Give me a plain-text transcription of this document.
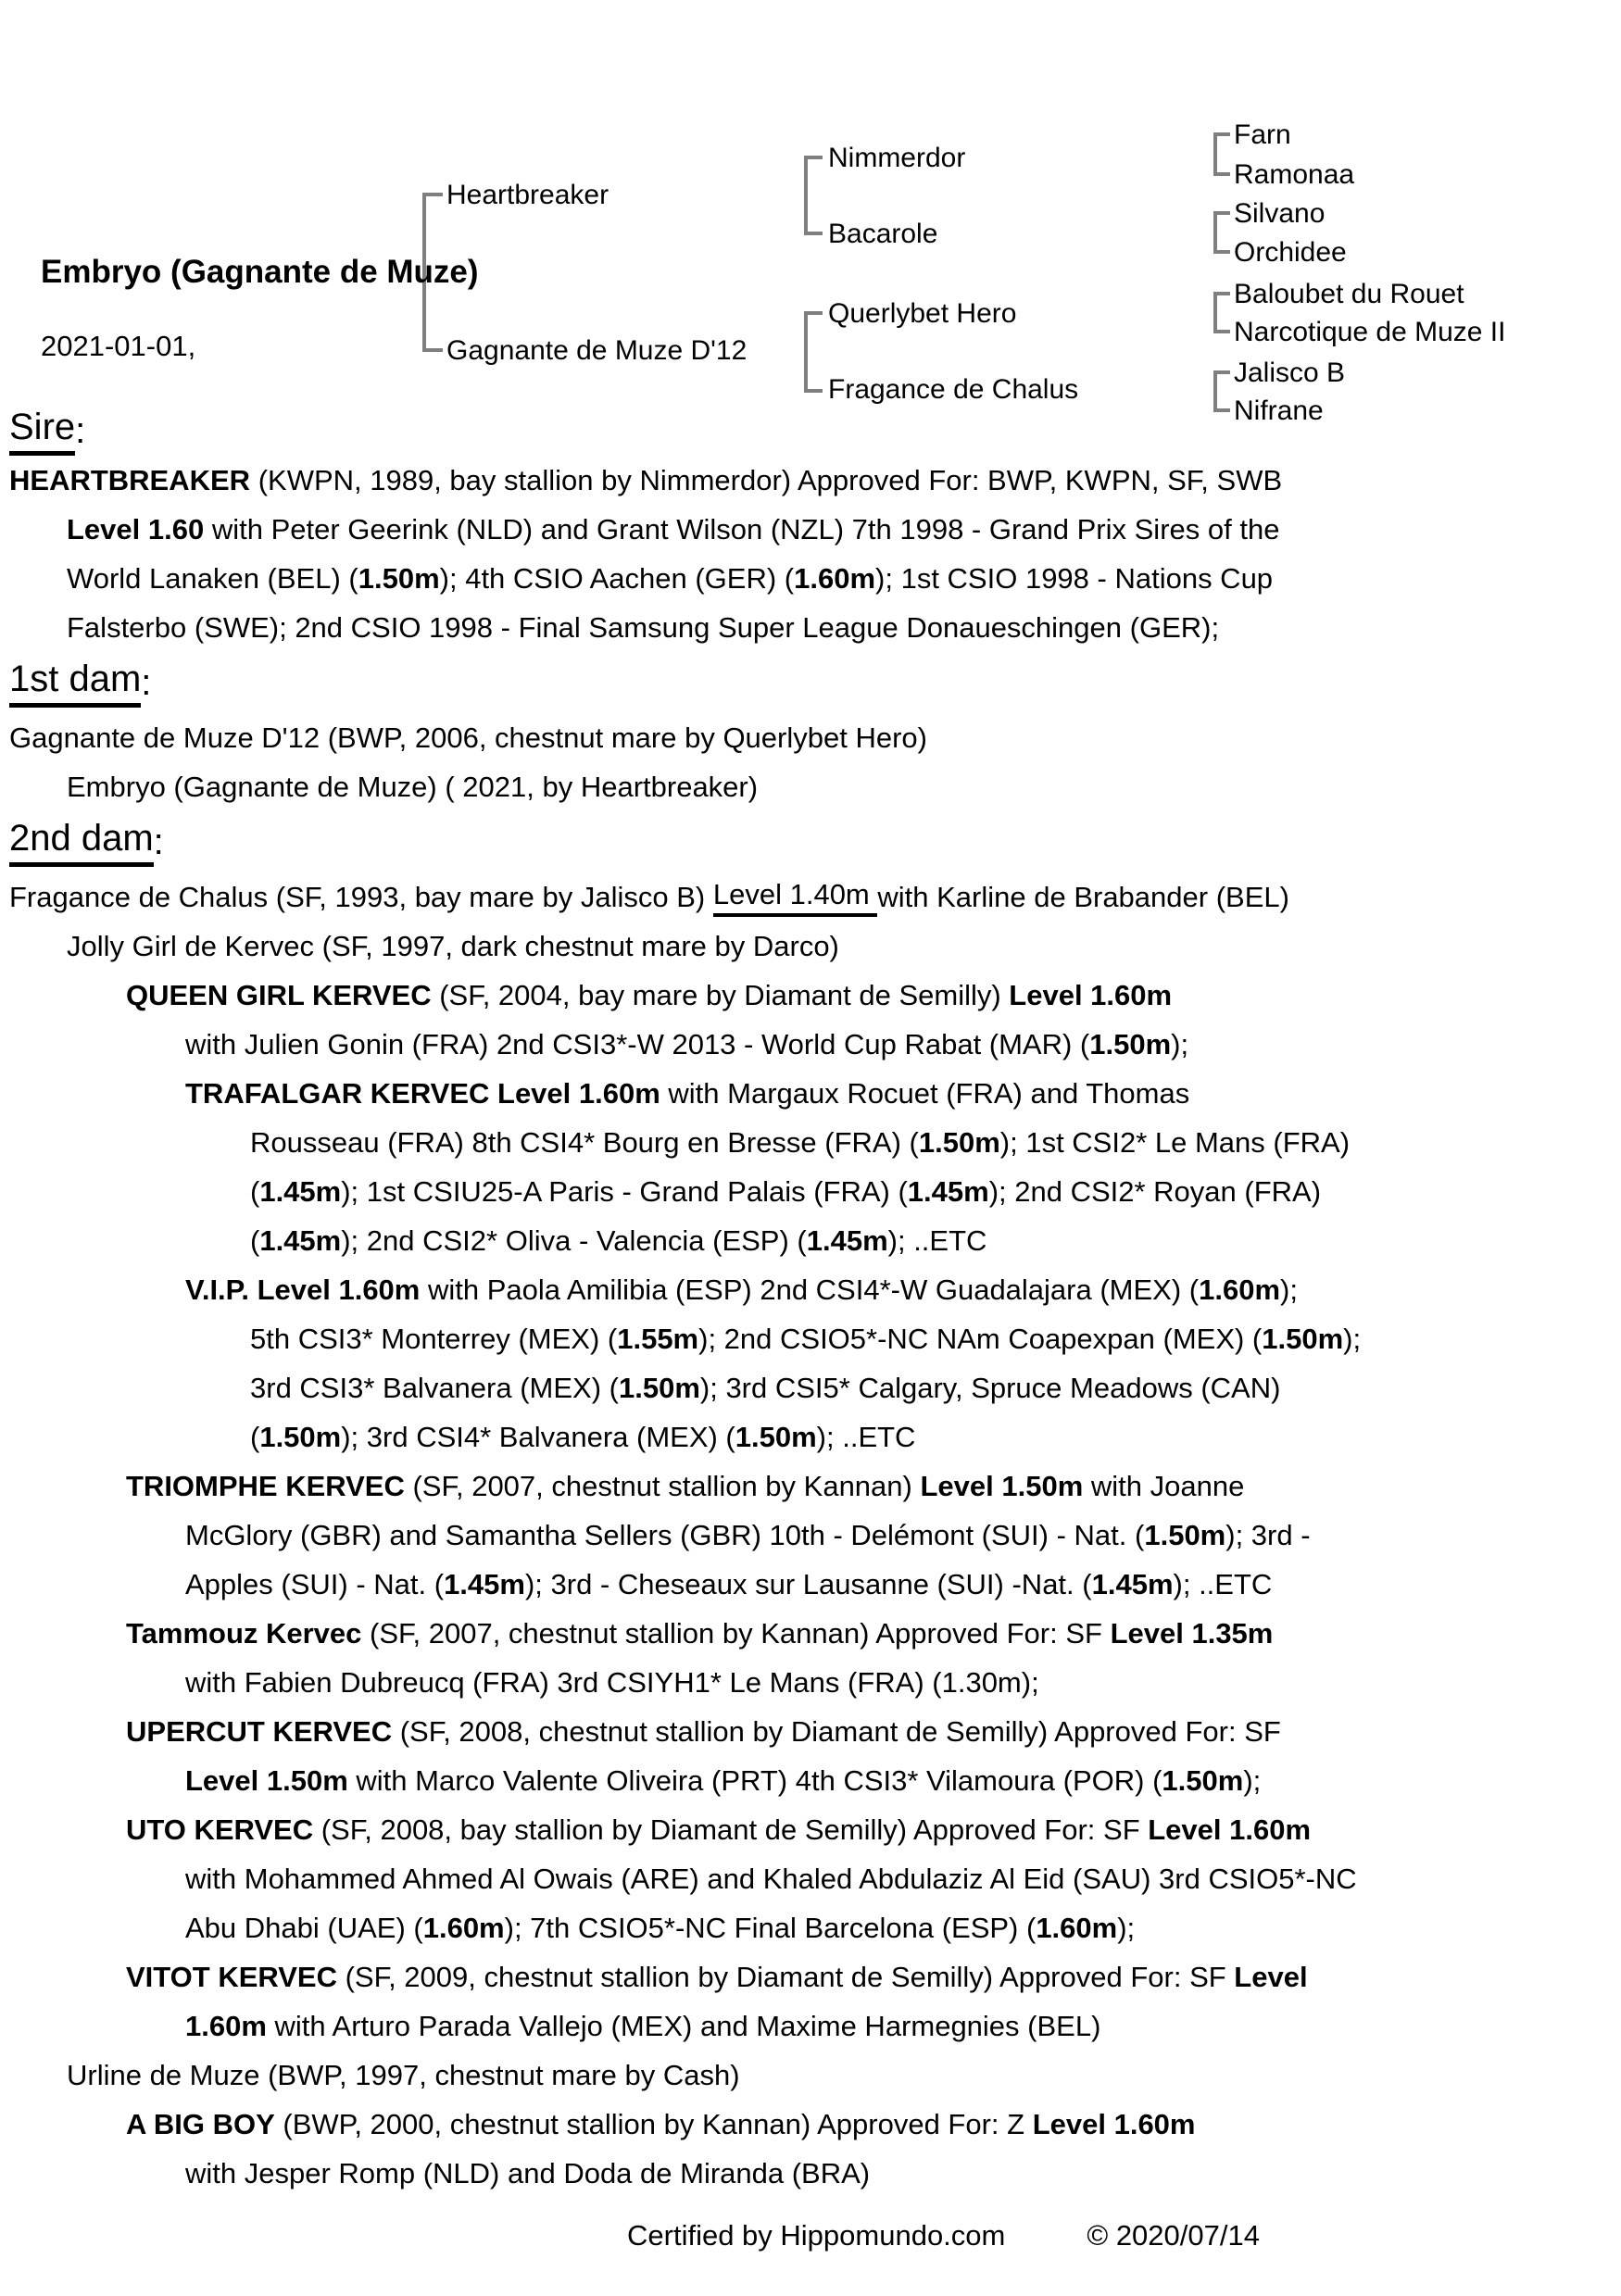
Embryo (Gagnante de Muze)
2021-01-01,
Heartbreaker
Gagnante de Muze D'12
Nimmerdor
Bacarole
Querlybet Hero
Fragance de Chalus
Farn
Ramonaa
Silvano
Orchidee
Baloubet du Rouet
Narcotique de Muze II
Jalisco B
Nifrane
Sire :
HEARTBREAKER (KWPN, 1989, bay stallion by Nimmerdor) Approved For: BWP, KWPN, SF, SWB
Level 1.60 with Peter Geerink (NLD) and Grant Wilson (NZL) 7th 1998 - Grand Prix Sires of the
World Lanaken (BEL) ( 1.50m ); 4th CSIO Aachen (GER) ( 1.60m ); 1st CSIO 1998 - Nations Cup
Falsterbo (SWE); 2nd CSIO 1998 - Final Samsung Super League Donaueschingen (GER);
1st dam :
Gagnante de Muze D'12 (BWP, 2006, chestnut mare by Querlybet Hero)
Embryo (Gagnante de Muze) ( 2021, by Heartbreaker)
2nd dam :
Fragance de Chalus (SF, 1993, bay mare by Jalisco B) Level 1.40m with Karline de Brabander (BEL)
Jolly Girl de Kervec (SF, 1997, dark chestnut mare by Darco)
QUEEN GIRL KERVEC (SF, 2004, bay mare by Diamant de Semilly) Level 1.60m
with Julien Gonin (FRA) 2nd CSI3*-W 2013 - World Cup Rabat (MAR) ( 1.50m );
TRAFALGAR KERVEC Level 1.60m with Margaux Rocuet (FRA) and Thomas
Rousseau (FRA) 8th CSI4* Bourg en Bresse (FRA) ( 1.50m ); 1st CSI2* Le Mans (FRA)
( 1.45m ); 1st CSIU25-A Paris - Grand Palais (FRA) ( 1.45m ); 2nd CSI2* Royan (FRA)
( 1.45m ); 2nd CSI2* Oliva - Valencia (ESP) ( 1.45m ); ..ETC
V.I.P. Level 1.60m with Paola Amilibia (ESP) 2nd CSI4*-W Guadalajara (MEX) ( 1.60m );
5th CSI3* Monterrey (MEX) ( 1.55m ); 2nd CSIO5*-NC NAm Coapexpan (MEX) ( 1.50m );
3rd CSI3* Balvanera (MEX) ( 1.50m ); 3rd CSI5* Calgary, Spruce Meadows (CAN)
( 1.50m ); 3rd CSI4* Balvanera (MEX) ( 1.50m ); ..ETC
TRIOMPHE KERVEC (SF, 2007, chestnut stallion by Kannan) Level 1.50m with Joanne
McGlory (GBR) and Samantha Sellers (GBR) 10th - Delémont (SUI) - Nat. ( 1.50m ); 3rd -
Apples (SUI) - Nat. ( 1.45m ); 3rd - Cheseaux sur Lausanne (SUI) -Nat. ( 1.45m ); ..ETC
Tammouz Kervec (SF, 2007, chestnut stallion by Kannan) Approved For: SF Level 1.35m
with Fabien Dubreucq (FRA) 3rd CSIYH1* Le Mans (FRA) (1.30m);
UPERCUT KERVEC (SF, 2008, chestnut stallion by Diamant de Semilly) Approved For: SF
Level 1.50m with Marco Valente Oliveira (PRT) 4th CSI3* Vilamoura (POR) ( 1.50m );
UTO KERVEC (SF, 2008, bay stallion by Diamant de Semilly) Approved For: SF Level 1.60m
with Mohammed Ahmed Al Owais (ARE) and Khaled Abdulaziz Al Eid (SAU) 3rd CSIO5*-NC
Abu Dhabi (UAE) ( 1.60m ); 7th CSIO5*-NC Final Barcelona (ESP) ( 1.60m );
VITOT KERVEC (SF, 2009, chestnut stallion by Diamant de Semilly) Approved For: SF Level
1.60m with Arturo Parada Vallejo (MEX) and Maxime Harmegnies (BEL)
Urline de Muze (BWP, 1997, chestnut mare by Cash)
A BIG BOY (BWP, 2000, chestnut stallion by Kannan) Approved For: Z Level 1.60m
with Jesper Romp (NLD) and Doda de Miranda (BRA)
Certified by Hippomundo.com	© 2020/07/14
